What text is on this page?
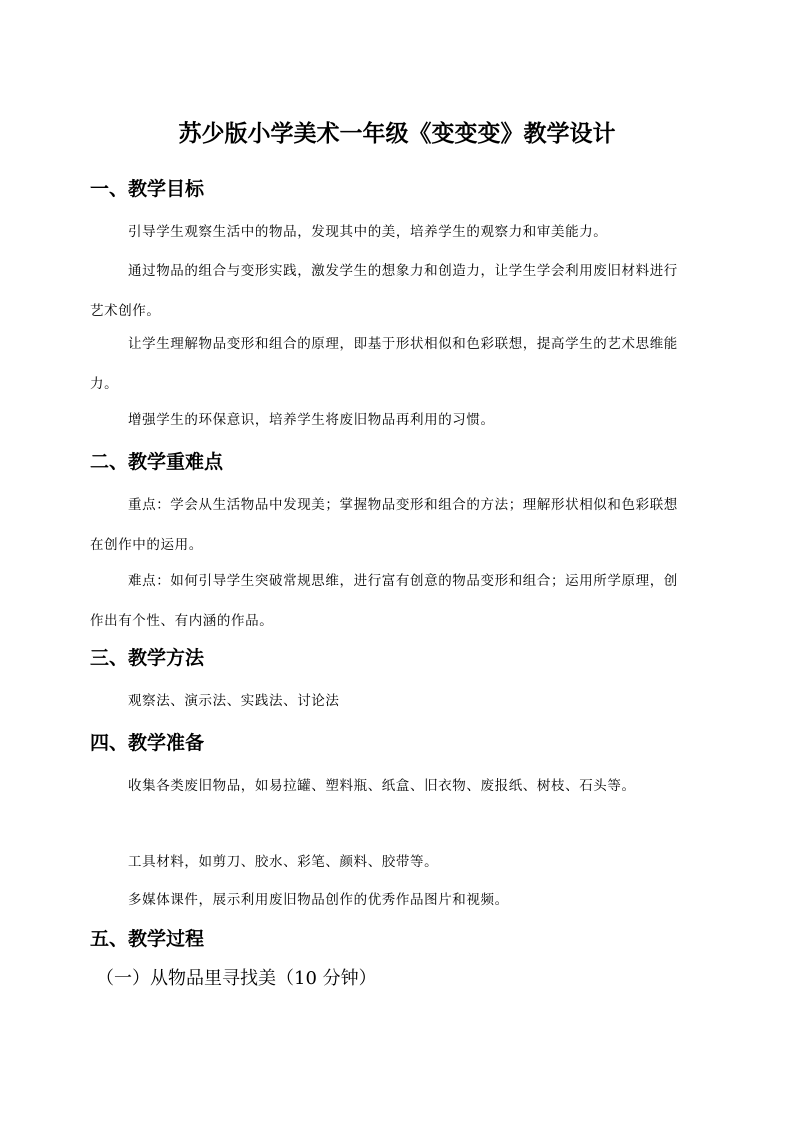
苏少版小学美术一年级《变变变》教学设计
一、教学目标
引导学生观察生活中的物品，发现其中的美，培养学生的观察力和审美能力。
通过物品的组合与变形实践，激发学生的想象力和创造力，让学生学会利用废旧材料进行艺术创作。
让学生理解物品变形和组合的原理，即基于形状相似和色彩联想，提高学生的艺术思维能力。
增强学生的环保意识，培养学生将废旧物品再利用的习惯。
二、教学重难点
重点：学会从生活物品中发现美；掌握物品变形和组合的方法；理解形状相似和色彩联想在创作中的运用。
难点：如何引导学生突破常规思维，进行富有创意的物品变形和组合；运用所学原理，创作出有个性、有内涵的作品。
三、教学方法
观察法、演示法、实践法、讨论法
四、教学准备
收集各类废旧物品，如易拉罐、塑料瓶、纸盒、旧衣物、废报纸、树枝、石头等。
工具材料，如剪刀、胶水、彩笔、颜料、胶带等。
多媒体课件，展示利用废旧物品创作的优秀作品图片和视频。
五、教学过程
（一）从物品里寻找美（10 分钟）
